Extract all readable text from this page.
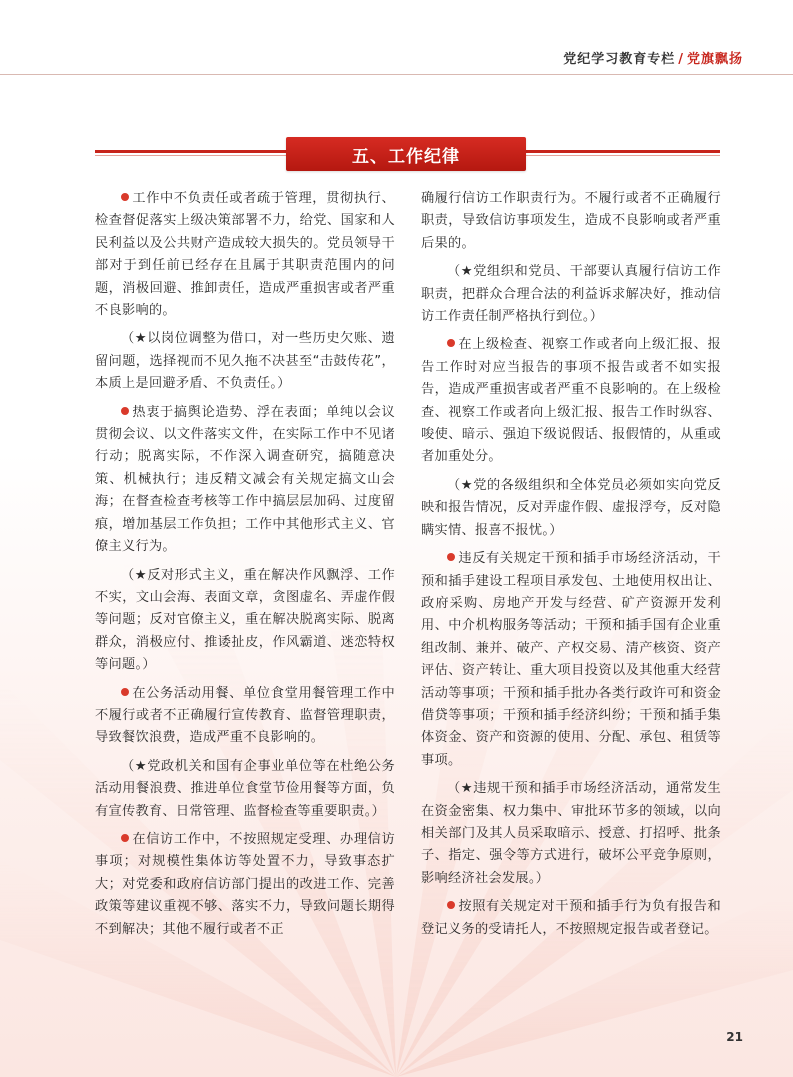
党纪学习教育专栏 / 党旗飘扬
五、工作纪律

工作中不负责任或者疏于管理，贯彻执行、检查督促落实上级决策部署不力，给党、国家和人民利益以及公共财产造成较大损失的。党员领导干部对于到任前已经存在且属于其职责范围内的问题，消极回避、推卸责任，造成严重损害或者严重不良影响的。

（★以岗位调整为借口，对一些历史欠账、遗留问题，选择视而不见久拖不决甚至“击鼓传花”，本质上是回避矛盾、不负责任。）

热衷于搞舆论造势、浮在表面；单纯以会议贯彻会议、以文件落实文件，在实际工作中不见诸行动；脱离实际，不作深入调查研究，搞随意决策、机械执行；违反精文减会有关规定搞文山会海；在督查检查考核等工作中搞层层加码、过度留痕，增加基层工作负担；工作中其他形式主义、官僚主义行为。

（★反对形式主义，重在解决作风飘浮、工作不实，文山会海、表面文章，贪图虚名、弄虚作假等问题；反对官僚主义，重在解决脱离实际、脱离群众，消极应付、推诿扯皮，作风霸道、迷恋特权等问题。）

在公务活动用餐、单位食堂用餐管理工作中不履行或者不正确履行宣传教育、监督管理职责，导致餐饮浪费，造成严重不良影响的。

（★党政机关和国有企事业单位等在杜绝公务活动用餐浪费、推进单位食堂节俭用餐等方面，负有宣传教育、日常管理、监督检查等重要职责。）

在信访工作中，不按照规定受理、办理信访事项；对规模性集体访等处置不力，导致事态扩大；对党委和政府信访部门提出的改进工作、完善政策等建议重视不够、落实不力，导致问题长期得不到解决；其他不履行或者不正

确履行信访工作职责行为。不履行或者不正确履行职责，导致信访事项发生，造成不良影响或者严重后果的。

（★党组织和党员、干部要认真履行信访工作职责，把群众合理合法的利益诉求解决好，推动信访工作责任制严格执行到位。）

在上级检查、视察工作或者向上级汇报、报告工作时对应当报告的事项不报告或者不如实报告，造成严重损害或者严重不良影响的。在上级检查、视察工作或者向上级汇报、报告工作时纵容、唆使、暗示、强迫下级说假话、报假情的，从重或者加重处分。

（★党的各级组织和全体党员必须如实向党反映和报告情况，反对弄虚作假、虚报浮夸，反对隐瞒实情、报喜不报忧。）

违反有关规定干预和插手市场经济活动，干预和插手建设工程项目承发包、土地使用权出让、政府采购、房地产开发与经营、矿产资源开发利用、中介机构服务等活动；干预和插手国有企业重组改制、兼并、破产、产权交易、清产核资、资产评估、资产转让、重大项目投资以及其他重大经营活动等事项；干预和插手批办各类行政许可和资金借贷等事项；干预和插手经济纠纷；干预和插手集体资金、资产和资源的使用、分配、承包、租赁等事项。

（★违规干预和插手市场经济活动，通常发生在资金密集、权力集中、审批环节多的领域，以向相关部门及其人员采取暗示、授意、打招呼、批条子、指定、强令等方式进行，破坏公平竞争原则，影响经济社会发展。）

按照有关规定对干预和插手行为负有报告和登记义务的受请托人，不按照规定报告或者登记。

21
